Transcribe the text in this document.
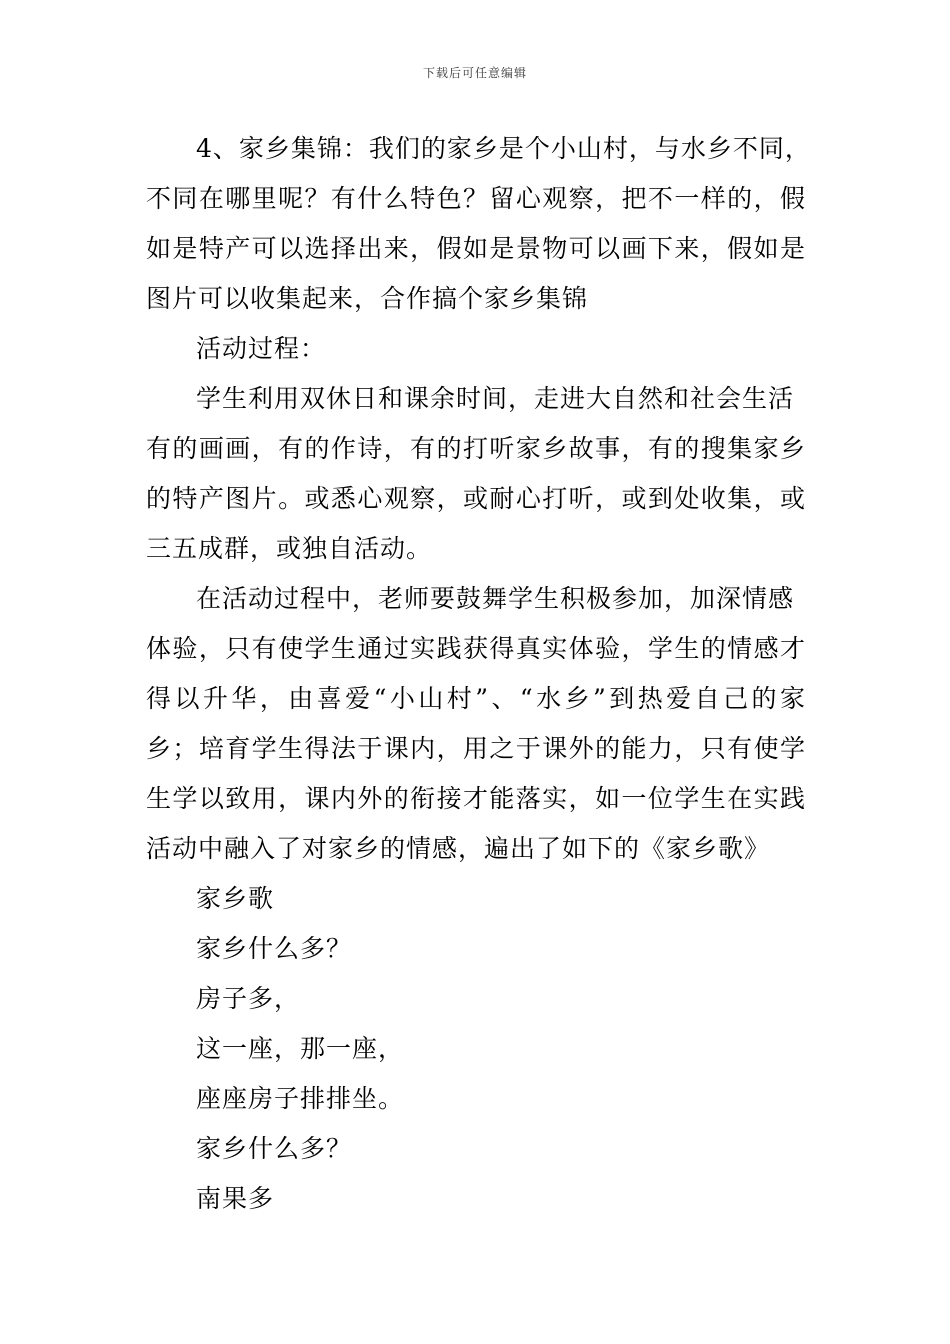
下载后可任意编辑
4、家乡集锦：我们的家乡是个小山村，与水乡不同，
不同在哪里呢？有什么特色？留心观察，把不一样的，假
如是特产可以选择出来，假如是景物可以画下来，假如是
图片可以收集起来，合作搞个家乡集锦
活动过程：
学生利用双休日和课余时间，走进大自然和社会生活
有的画画，有的作诗，有的打听家乡故事，有的搜集家乡
的特产图片。或悉心观察，或耐心打听，或到处收集，或
三五成群，或独自活动。
在活动过程中，老师要鼓舞学生积极参加，加深情感
体验，只有使学生通过实践获得真实体验，学生的情感才
得以升华，由喜爱“小山村”、“水乡”到热爱自己的家
乡；培育学生得法于课内，用之于课外的能力，只有使学
生学以致用，课内外的衔接才能落实，如一位学生在实践
活动中融入了对家乡的情感，遍出了如下的《家乡歌》
家乡歌
家乡什么多？
房子多，
这一座，那一座，
座座房子排排坐。
家乡什么多？
南果多
